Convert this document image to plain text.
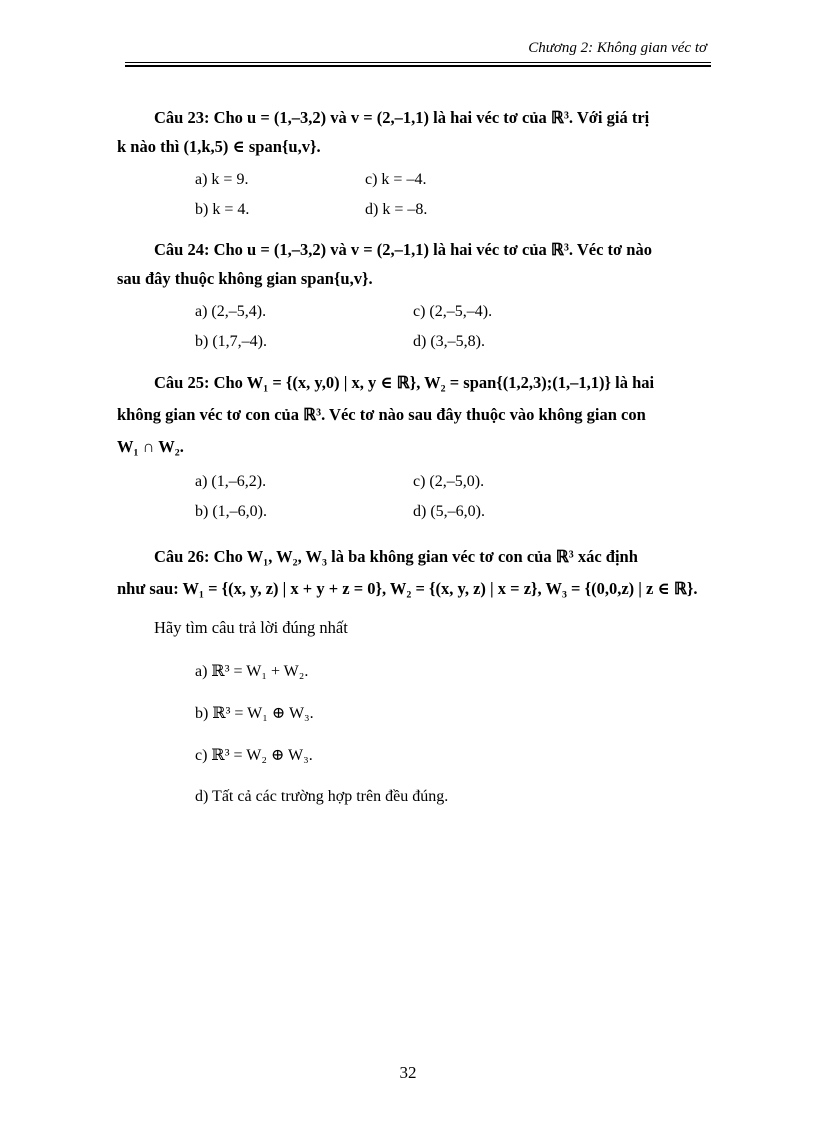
Chương 2: Không gian véc tơ
Câu 23: Cho u = (1,–3,2) và v = (2,–1,1) là hai véc tơ của ℝ³. Với giá trị
k nào thì (1,k,5) ∈ span{u,v}.
a) k = 9.	c) k = –4.
b) k = 4.	d) k = –8.
Câu 24: Cho u = (1,–3,2) và v = (2,–1,1) là hai véc tơ của ℝ³. Véc tơ nào
sau đây thuộc không gian span{u,v}.
a) (2,–5,4).	c) (2,–5,–4).
b) (1,7,–4).	d) (3,–5,8).
Câu 25: Cho W₁ = {(x, y,0) | x, y ∈ ℝ}, W₂ = span{(1,2,3);(1,–1,1)} là hai
không gian véc tơ con của ℝ³. Véc tơ nào sau đây thuộc vào không gian con
W₁ ∩ W₂.
a) (1,–6,2).	c) (2,–5,0).
b) (1,–6,0).	d) (5,–6,0).
Câu 26: Cho W₁, W₂, W₃ là ba không gian véc tơ con của ℝ³ xác định
như sau: W₁ = {(x, y, z) | x + y + z = 0}, W₂ = {(x, y, z) | x = z}, W₃ = {(0,0,z) | z ∈ ℝ}.
Hãy tìm câu trả lời đúng nhất
a) ℝ³ = W₁ + W₂.
b) ℝ³ = W₁ ⊕ W₃.
c) ℝ³ = W₂ ⊕ W₃.
d) Tất cả các trường hợp trên đều đúng.
32
